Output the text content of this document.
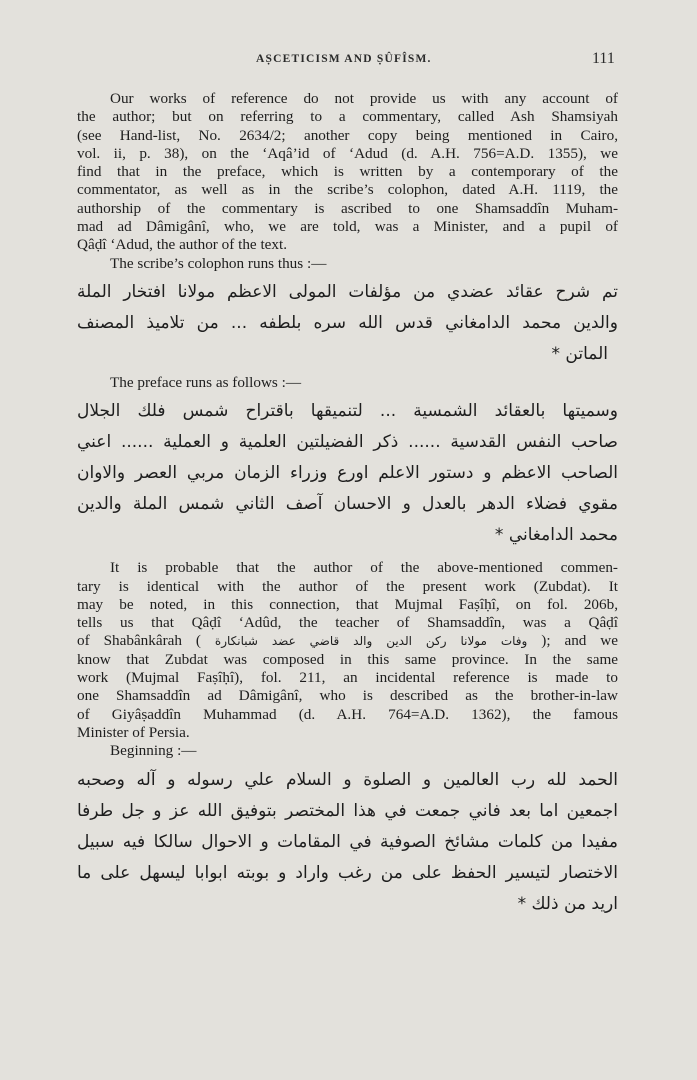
AṢCETICISM AND ṢÛFÎSM.	111
Our works of reference do not provide us with any account of
the author; but on referring to a commentary, called Ash Shamsiyah
(see Hand-list, No. 2634/2; another copy being mentioned in Cairo,
vol. ii, p. 38), on the ‘Aqâ’id of ‘Adud (d. A.H. 756=A.D. 1355), we
find that in the preface, which is written by a contemporary of the
commentator, as well as in the scribe’s colophon, dated A.H. 1119, the
authorship of the commentary is ascribed to one Shamsaddîn Muham-
mad ad Dâmigânî, who, we are told, was a Minister, and a pupil of
Qâḍî ‘Adud, the author of the text.
The scribe’s colophon runs thus :—
تم شرح عقائد عضدي من مؤلفات المولى الاعظم مولانا افتخار الملة
والدين محمد الدامغاني قدس الله سره بلطفه ... من تلاميذ المصنف
الماتن *
The preface runs as follows :—
وسميتها بالعقائد الشمسية ... لتنميقها باقتراح شمس فلك الجلال
صاحب النفس القدسية ...... ذكر الفضيلتين العلمية و العملية ...... اعني
الصاحب الاعظم و دستور الاعلم اورع وزراء الزمان مربي العصر والاوان
مقوي فضلاء الدهر بالعدل و الاحسان آصف الثاني شمس الملة والدين
محمد الدامغاني *
It is probable that the author of the above-mentioned commen-
tary is identical with the author of the present work (Zubdat). It
may be noted, in this connection, that Mujmal Faṣîḥî, on fol. 206b,
tells us that Qâḍî ‘Adûd, the teacher of Shamsaddîn, was a Qâḍî
of Shabânkârah ( وفات مولانا ركن الدين والد قاضي عضد شبانكارة ); and we
know that Zubdat was composed in this same province. In the same
work (Mujmal Faṣîḥî), fol. 211, an incidental reference is made to
one Shamsaddîn ad Dâmigânî, who is described as the brother-in-law
of Giyâṣaddîn Muhammad (d. A.H. 764=A.D. 1362), the famous
Minister of Persia.
Beginning :—
الحمد لله رب العالمين و الصلوة و السلام علي رسوله و آله وصحبه
اجمعين اما بعد فاني جمعت في هذا المختصر بتوفيق الله عز و جل طرفا
مفيدا من كلمات مشائخ الصوفية في المقامات و الاحوال سالكا فيه سبيل
الاختصار لتيسير الحفظ على من رغب واراد و بوبته ابوابا ليسهل على ما
اريد من ذلك *
